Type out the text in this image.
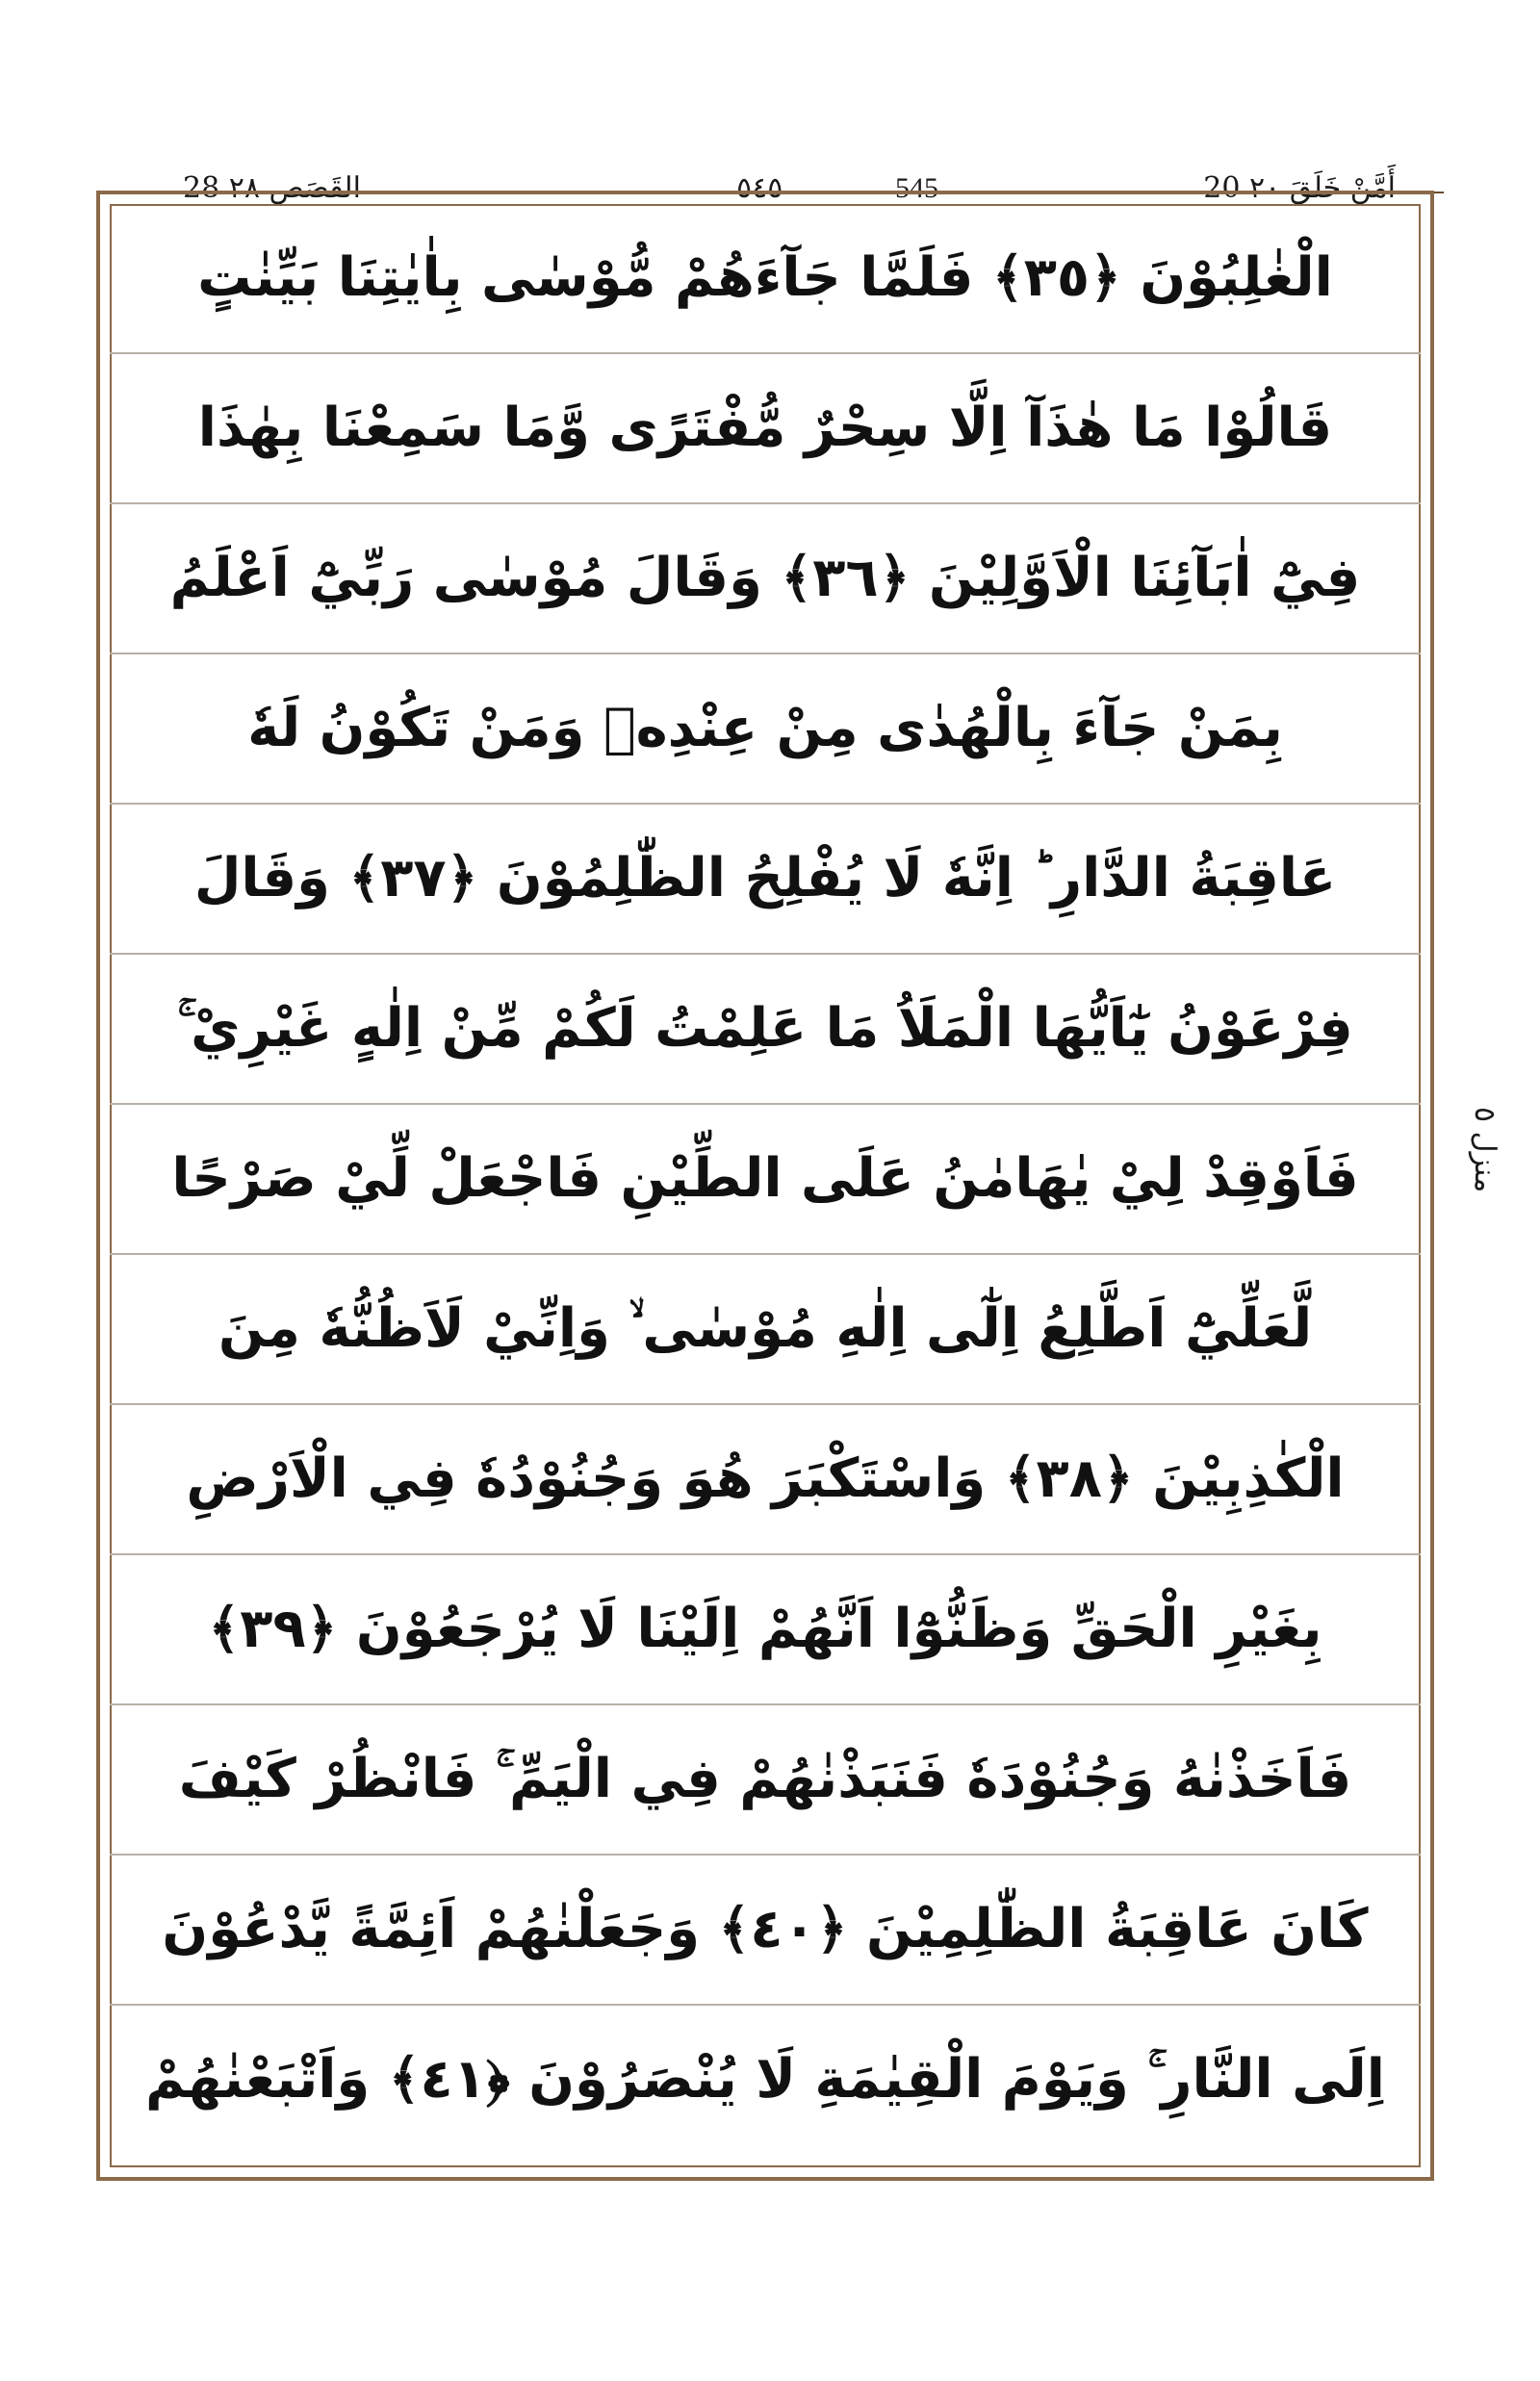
28 القَصَص ٢٨	٥٤٥	545	20 أَمَّنْ خَلَقَ ٢٠
الْغٰلِبُوْنَ ﴿٣٥﴾ فَلَمَّا جَآءَهُمْ مُّوْسٰى بِاٰيٰتِنَا بَيِّنٰتٍ
قَالُوْا مَا هٰذَآ اِلَّا سِحْرٌ مُّفْتَرًى وَّمَا سَمِعْنَا بِهٰذَا
فِيْٓ اٰبَآئِنَا الْاَوَّلِيْنَ ﴿٣٦﴾ وَقَالَ مُوْسٰى رَبِّيْٓ اَعْلَمُ
بِمَنْ جَآءَ بِالْهُدٰى مِنْ عِنْدِهٖ وَمَنْ تَكُوْنُ لَهٗ
عَاقِبَةُ الدَّارِ ؕ اِنَّهٗ لَا يُفْلِحُ الظّٰلِمُوْنَ ﴿٣٧﴾ وَقَالَ
فِرْعَوْنُ يٰٓاَيُّهَا الْمَلَاُ مَا عَلِمْتُ لَكُمْ مِّنْ اِلٰهٍ غَيْرِيْ ۚ
فَاَوْقِدْ لِيْ يٰهَامٰنُ عَلَى الطِّيْنِ فَاجْعَلْ لِّيْ صَرْحًا
لَّعَلِّيْٓ اَطَّلِعُ اِلٰٓى اِلٰهِ مُوْسٰى ۙ وَاِنِّيْ لَاَظُنُّهٗ مِنَ
الْكٰذِبِيْنَ ﴿٣٨﴾ وَاسْتَكْبَرَ هُوَ وَجُنُوْدُهٗ فِي الْاَرْضِ
بِغَيْرِ الْحَقِّ وَظَنُّوْٓا اَنَّهُمْ اِلَيْنَا لَا يُرْجَعُوْنَ ﴿٣٩﴾
فَاَخَذْنٰهُ وَجُنُوْدَهٗ فَنَبَذْنٰهُمْ فِي الْيَمِّ ۚ فَانْظُرْ كَيْفَ
كَانَ عَاقِبَةُ الظّٰلِمِيْنَ ﴿٤٠﴾ وَجَعَلْنٰهُمْ اَئِمَّةً يَّدْعُوْنَ
اِلَى النَّارِ ۚ وَيَوْمَ الْقِيٰمَةِ لَا يُنْصَرُوْنَ ﴿٤١﴾ وَاَتْبَعْنٰهُمْ
منزل ٥
